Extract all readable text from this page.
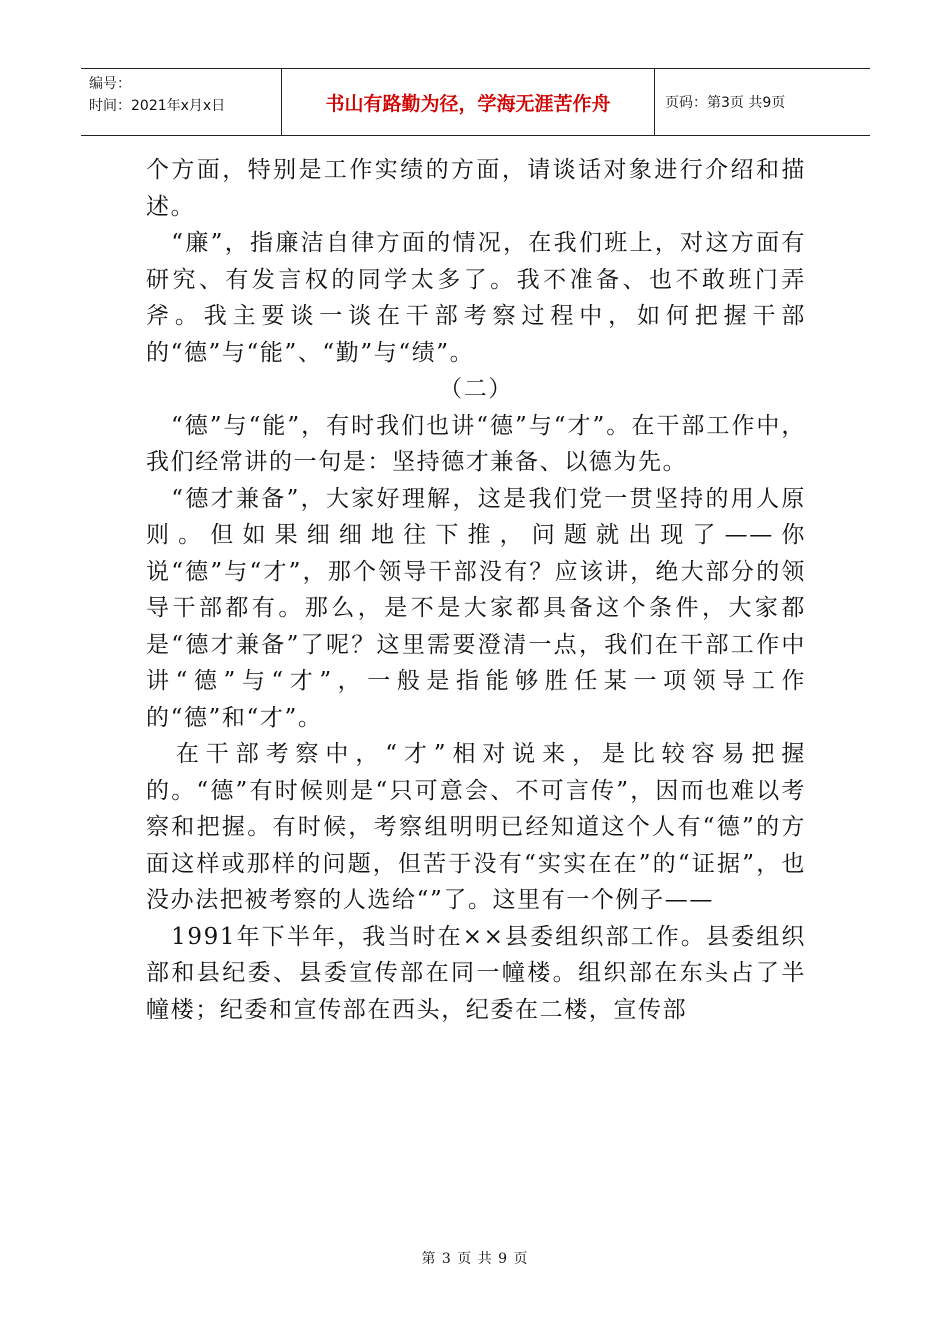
编号：
时间：2021年x月x日	书山有路勤为径，学海无涯苦作舟	页码：第3页 共9页

个方面，特别是工作实绩的方面，请谈话对象进行介绍和描述。

　“廉”，指廉洁自律方面的情况，在我们班上，对这方面有研究、有发言权的同学太多了。我不准备、也不敢班门弄斧。我主要谈一谈在干部考察过程中，如何把握干部的“德”与“能”、“勤”与“绩”。

（二）

　“德”与“能”，有时我们也讲“德”与“才”。在干部工作中，我们经常讲的一句是：坚持德才兼备、以德为先。

　“德才兼备”，大家好理解，这是我们党一贯坚持的用人原则。但如果细细地往下推，问题就出现了——你说“德”与“才”，那个领导干部没有？应该讲，绝大部分的领导干部都有。那么，是不是大家都具备这个条件，大家都是“德才兼备”了呢？这里需要澄清一点，我们在干部工作中讲“德”与“才”，一般是指能够胜任某一项领导工作的“德”和“才”。

　在干部考察中，“才”相对说来，是比较容易把握的。“德”有时候则是“只可意会、不可言传”，因而也难以考察和把握。有时候，考察组明明已经知道这个人有“德”的方面这样或那样的问题，但苦于没有“实实在在”的“证据”，也没办法把被考察的人选给“”了。这里有一个例子——

　1991年下半年，我当时在××县委组织部工作。县委组织部和县纪委、县委宣传部在同一幢楼。组织部在东头占了半幢楼；纪委和宣传部在西头，纪委在二楼，宣传部

第 3 页 共 9 页
